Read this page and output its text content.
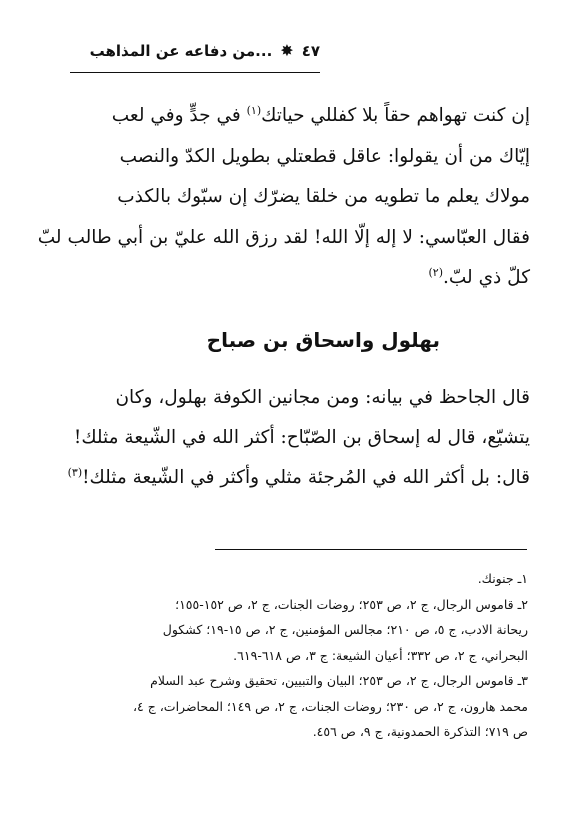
٤٧
✸
...من دفاعه عن المذاهب

إن كنت تهواهم حقاً بلا كفللي حياتك$^{(١)}$ في جدٍّ وفي لعب

إيّاك من أن يقولوا: عاقل قطعتلي بطويل الكدّ والنصب

مولاك يعلم ما تطويه من خلقا يضرّك إن سبّوك بالكذب

فقال العبّاسي: لا إله إلّا الله! لقد رزق الله عليّ بن أبي طالب لبّ

كلّ ذي لبّ.$^{(٢)}$

بهلول واسحاق بن صباح

قال الجاحظ في بيانه: ومن مجانين الكوفة بهلول، وكان

يتشيّع، قال له إسحاق بن الصّبّاح: أكثر الله في الشّيعة مثلك!

قال: بل أكثر الله في المُرجئة مثلي وأكثر في الشّيعة مثلك!$^{(٣)}$

١ـ جنونك.

٢ـ قاموس الرجال، ج ٢، ص ٢٥٣؛ روضات الجنات، ج ٢، ص ١٥٢-١٥٥؛

ريحانة الادب، ج ٥، ص ٢١٠؛ مجالس المؤمنين، ج ٢، ص ١٥-١٩؛ كشكول

البحراني، ج ٢، ص ٣٣٢؛ أعيان الشيعة: ج ٣، ص ٦١٨-٦١٩.

٣ـ قاموس الرجال، ج ٢، ص ٢٥٣؛ البيان والتبيين، تحقيق وشرح عبد السلام

محمد هارون، ج ٢، ص ٢٣٠؛ روضات الجنات، ج ٢، ص ١٤٩؛ المحاضرات، ج ٤،

ص ٧١٩؛ التذكرة الحمدونية، ج ٩، ص ٤٥٦.
